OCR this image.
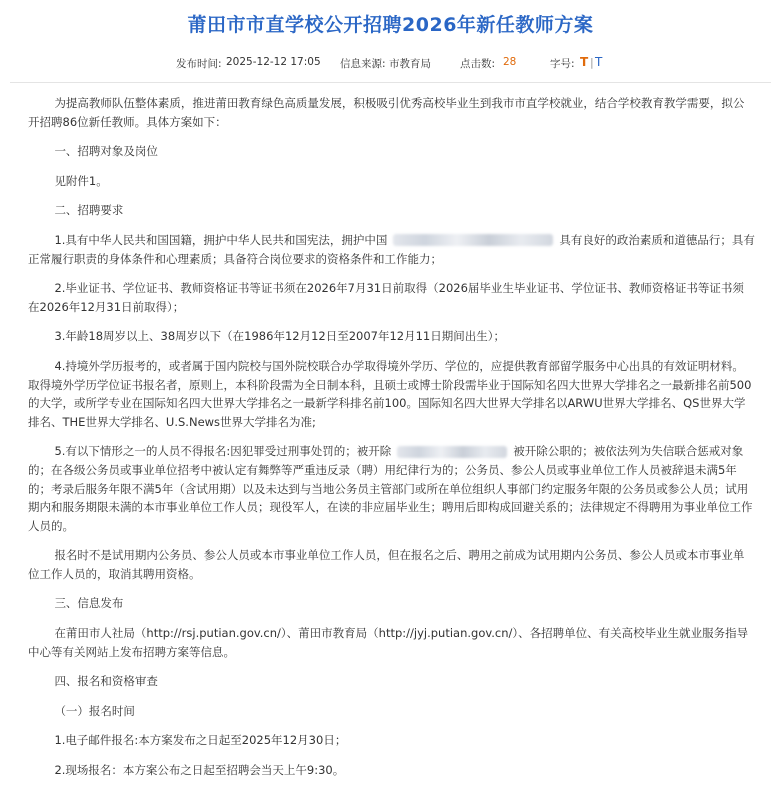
莆田市市直学校公开招聘2026年新任教师方案
发布时间: 2025-12-12 17:05 信息来源: 市教育局	点击数: 28	字号: T | T

为提高教师队伍整体素质，推进莆田教育绿色高质量发展，积极吸引优秀高校毕业生到我市市直学校就业，结合学校教育教学需要，拟公开招聘86位新任教师。具体方案如下：

一、招聘对象及岗位

见附件1。

二、招聘要求

1.具有中华人民共和国国籍，拥护中华人民共和国宪法，拥护中国	具有良好的政治素质和道德品行；具有正常履行职责的身体条件和心理素质；具备符合岗位要求的资格条件和工作能力；

2.毕业证书、学位证书、教师资格证书等证书须在2026年7月31日前取得（2026届毕业生毕业证书、学位证书、教师资格证书等证书须在2026年12月31日前取得）；

3.年龄18周岁以上、38周岁以下（在1986年12月12日至2007年12月11日期间出生）；

4.持境外学历报考的，或者属于国内院校与国外院校联合办学取得境外学历、学位的，应提供教育部留学服务中心出具的有效证明材料。取得境外学历学位证书报名者，原则上，本科阶段需为全日制本科，且硕士或博士阶段需毕业于国际知名四大世界大学排名之一最新排名前500的大学，或所学专业在国际知名四大世界大学排名之一最新学科排名前100。国际知名四大世界大学排名以ARWU世界大学排名、QS世界大学排名、THE世界大学排名、U.S.News世界大学排名为准;

5.有以下情形之一的人员不得报名:因犯罪受过刑事处罚的；被开除	被开除公职的；被依法列为失信联合惩戒对象的；在各级公务员或事业单位招考中被认定有舞弊等严重违反录（聘）用纪律行为的；公务员、参公人员或事业单位工作人员被辞退未满5年的；考录后服务年限不满5年（含试用期）以及未达到与当地公务员主管部门或所在单位组织人事部门约定服务年限的公务员或参公人员；试用期内和服务期限未满的本市事业单位工作人员；现役军人，在读的非应届毕业生；聘用后即构成回避关系的；法律规定不得聘用为事业单位工作人员的。

报名时不是试用期内公务员、参公人员或本市事业单位工作人员，但在报名之后、聘用之前成为试用期内公务员、参公人员或本市事业单位工作人员的，取消其聘用资格。

三、信息发布

在莆田市人社局（http://rsj.putian.gov.cn/）、莆田市教育局（http://jyj.putian.gov.cn/）、各招聘单位、有关高校毕业生就业服务指导中心等有关网站上发布招聘方案等信息。

四、报名和资格审查

（一）报名时间

1.电子邮件报名:本方案发布之日起至2025年12月30日；

2.现场报名：本方案公布之日起至招聘会当天上午9:30。
